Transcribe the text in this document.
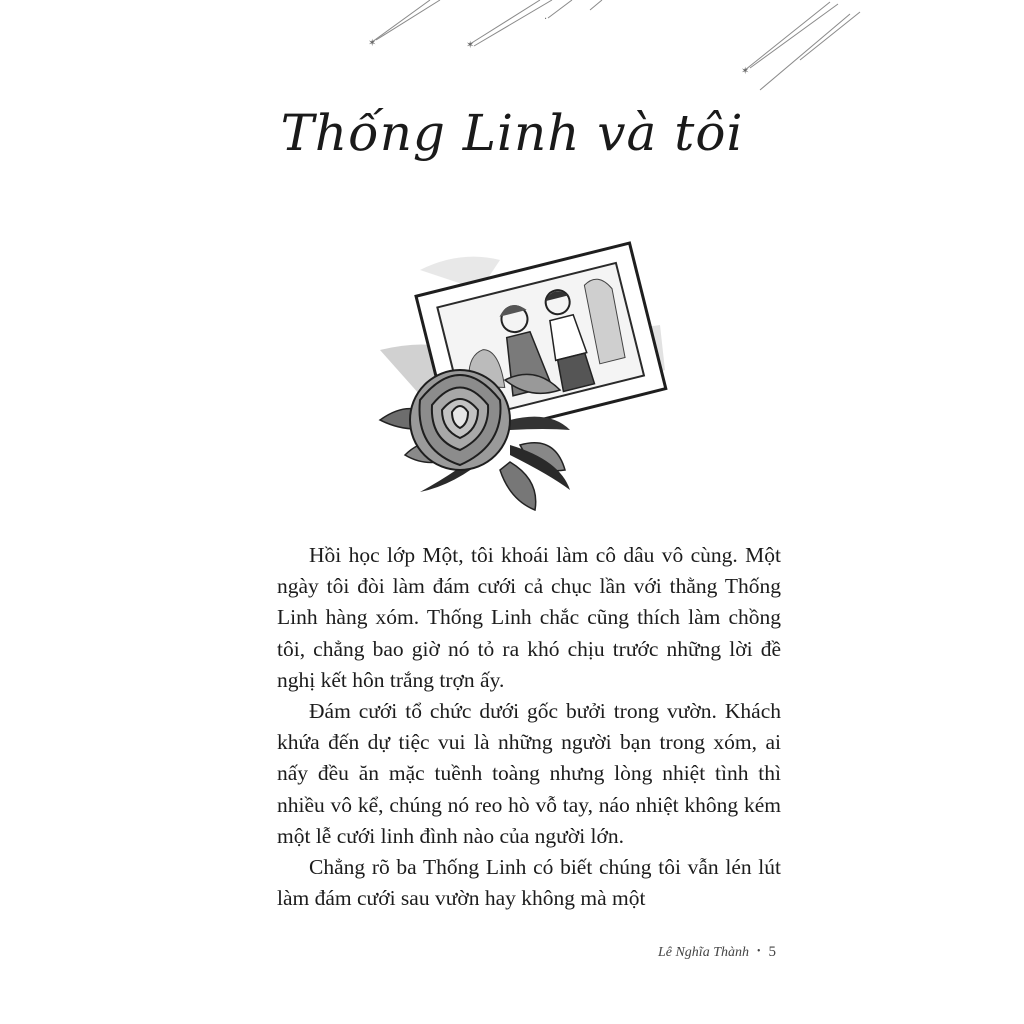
✶	✶
✶
·
Thống Linh và tôi

Hồi học lớp Một, tôi khoái làm cô dâu vô cùng. Một ngày tôi đòi làm đám cưới cả chục lần với thằng Thống Linh hàng xóm. Thống Linh chắc cũng thích làm chồng tôi, chẳng bao giờ nó tỏ ra khó chịu trước những lời đề nghị kết hôn trắng trợn ấy.

Đám cưới tổ chức dưới gốc bưởi trong vườn. Khách khứa đến dự tiệc vui là những người bạn trong xóm, ai nấy đều ăn mặc tuềnh toàng nhưng lòng nhiệt tình thì nhiều vô kể, chúng nó reo hò vỗ tay, náo nhiệt không kém một lễ cưới linh đình nào của người lớn.

Chẳng rõ ba Thống Linh có biết chúng tôi vẫn lén lút làm đám cưới sau vườn hay không mà một

Lê Nghĩa Thành • 5
